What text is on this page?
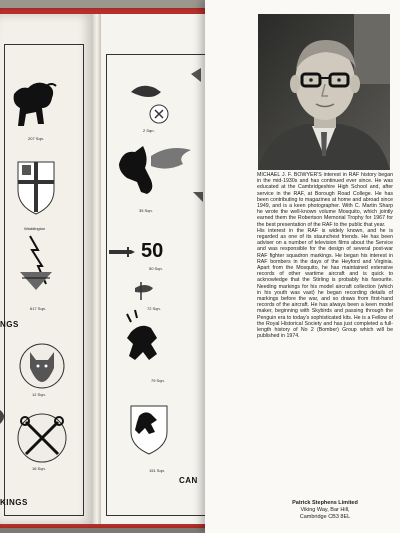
207 Sqn.
Waddington
617 Sqn.
12 Sqn.
16 Sqn.
NGS
KINGS
50
2 Sqn.
35 Sqn.
50 Sqn.
72 Sqn.
79 Sqn.
151 Sqn.
CAN

MICHAEL J. F. BOWYER'S interest in RAF history began in the mid-1930s and has continued ever since. He was educated at the Cambridgeshire High School and, after service in the RAF, at Borough Road College. He has been contributing to magazines at home and abroad since 1949, and is a keen photographer. With C. Martin Sharp he wrote the well-known volume Mosquito, which jointly earned them the Robertson Memorial Trophy for 1967 for the best presentation of the RAF to the public that year.

His interest in the RAF is widely known, and he is regarded as one of its staunchest friends. He has been adviser on a number of television films about the Service and was responsible for the design of several post-war RAF fighter squadron markings. He began his interest in RAF bombers in the days of the Heyford and Virginia. Apart from the Mosquito, he has maintained extensive records of other wartime aircraft and is quick to acknowledge that the Stirling is probably his favourite. Needing markings for his model aircraft collection (which in his youth was vast) he began recording details of markings before the war, and so draws from first-hand records of the aircraft. He has always been a keen model maker, beginning with Skybirds and passing through the Penguin era to today's sophisticated kits. He is a Fellow of the Royal Historical Society and has just completed a full-length history of No 2 (Bomber) Group which will be published in 1974.

Patrick Stephens Limited
Viking Way, Bar Hill,
Cambridge CB3 8EL
